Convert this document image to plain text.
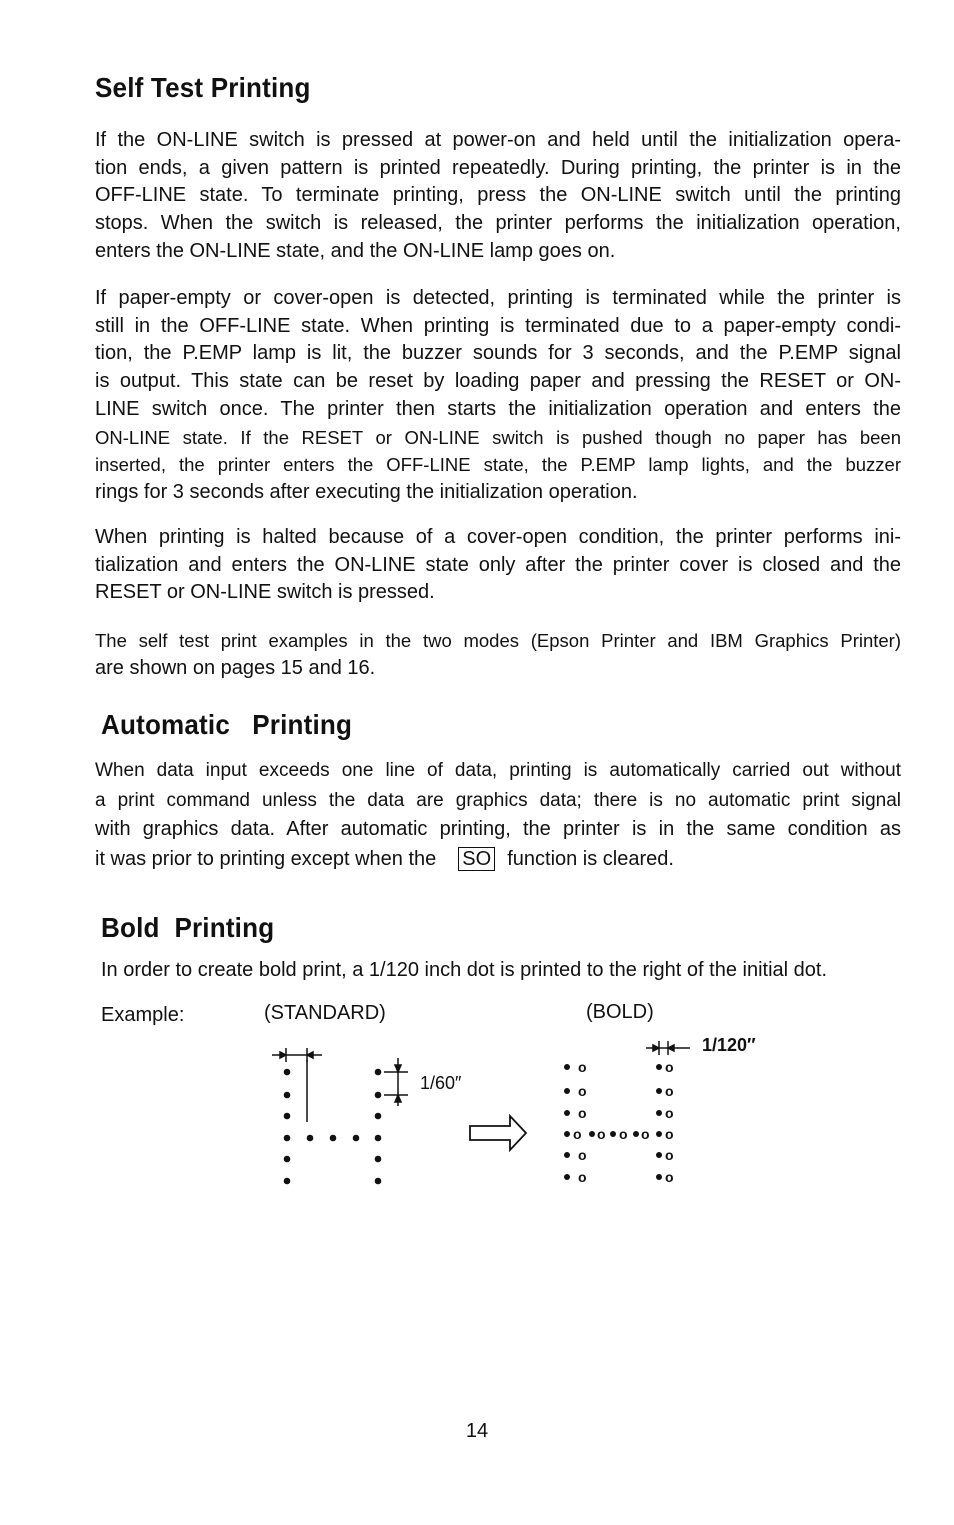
Self Test Printing

If the ON-LINE switch is pressed at power-on and held until the initialization opera-
tion ends, a given pattern is printed repeatedly. During printing, the printer is in the
OFF-LINE state. To terminate printing, press the ON-LINE switch until the printing
stops. When the switch is released, the printer performs the initialization operation,
enters the ON-LINE state, and the ON-LINE lamp goes on.

If paper-empty or cover-open is detected, printing is terminated while the printer is
still in the OFF-LINE state. When printing is terminated due to a paper-empty condi-
tion, the P.EMP lamp is lit, the buzzer sounds for 3 seconds, and the P.EMP signal
is output. This state can be reset by loading paper and pressing the RESET or ON-
LINE switch once. The printer then starts the initialization operation and enters the
ON-LINE state. If the RESET or ON-LINE switch is pushed though no paper has been
inserted, the printer enters the OFF-LINE state, the P.EMP lamp lights, and the buzzer
rings for 3 seconds after executing the initialization operation.

When printing is halted because of a cover-open condition, the printer performs ini-
tialization and enters the ON-LINE state only after the printer cover is closed and the
RESET or ON-LINE switch is pressed.

The self test print examples in the two modes (Epson Printer and IBM Graphics Printer)
are shown on pages 15 and 16.

Automatic   Printing

When data input exceeds one line of data, printing is automatically carried out without
a print command unless the data are graphics data; there is no automatic print signal
with graphics data. After automatic printing, the printer is in the same condition as
it was prior to printing except when the SO function is cleared.

Bold  Printing

In order to create bold print, a 1/120 inch dot is printed to the right of the initial dot.

Example:	(STANDARD)	(BOLD)
1/60″
1/120″
o
o
o
o
o
o
o o o
o
o
o
o
o
o
14
